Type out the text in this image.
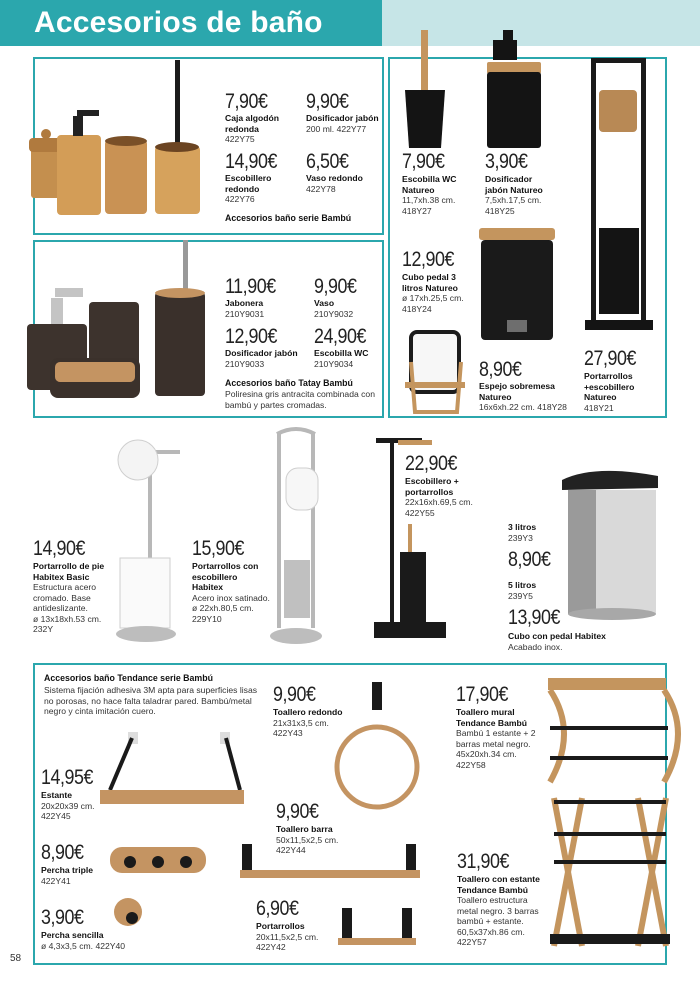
Accesorios de baño
7,90€
Caja algodón redonda
422Y75
9,90€
Dosificador jabón
200 ml. 422Y77
14,90€
Escobillero redondo
422Y76
6,50€
Vaso redondo
422Y78
Accesorios baño serie Bambú
11,90€
Jabonera
210Y9031
9,90€
Vaso
210Y9032
12,90€
Dosificador jabón
210Y9033
24,90€
Escobilla WC
210Y9034
Accesorios baño Tatay Bambú
Poliresina gris antracita combinada con bambú y partes cromadas.
7,90€
Escobilla WC Natureo
11,7xh.38 cm.
418Y27
3,90€
Dosificador jabón Natureo
7,5xh.17,5 cm.
418Y25
12,90€
Cubo pedal 3 litros Natureo
ø 17xh.25,5 cm.
418Y24
8,90€
Espejo sobremesa Natureo
16x6xh.22 cm. 418Y28
27,90€
Portarrollos +escobillero Natureo
418Y21
14,90€
Portarrollo de pie Habitex Basic
Estructura acero cromado. Base antideslizante.
ø 13x18xh.53 cm.
232Y
15,90€
Portarrollos con escobillero Habitex
Acero inox satinado.
ø 22xh.80,5 cm.
229Y10
22,90€
Escobillero + portarrollos
22x16xh.69,5 cm.
422Y55
3 litros
239Y3
8,90€
5 litros
239Y5
13,90€
Cubo con pedal Habitex Acabado inox.
Accesorios baño Tendance serie Bambú
Sistema fijación adhesiva 3M apta para superficies lisas no porosas, no hace falta taladrar pared. Bambú/metal negro y cinta imitación cuero.
14,95€
Estante
20x20x39 cm.
422Y45
8,90€
Percha triple
422Y41
3,90€
Percha sencilla
ø 4,3x3,5 cm. 422Y40
9,90€
Toallero redondo
21x31x3,5 cm.
422Y43
9,90€
Toallero barra
50x11,5x2,5 cm.
422Y44
6,90€
Portarrollos
20x11,5x2,5 cm.
422Y42
17,90€
Toallero mural Tendance Bambú
Bambú 1 estante + 2 barras metal negro.
45x20xh.34 cm.
422Y58
31,90€
Toallero con estante Tendance Bambú
Toallero estructura metal negro. 3 barras bambú + estante.
60,5x37xh.86 cm.
422Y57
58
